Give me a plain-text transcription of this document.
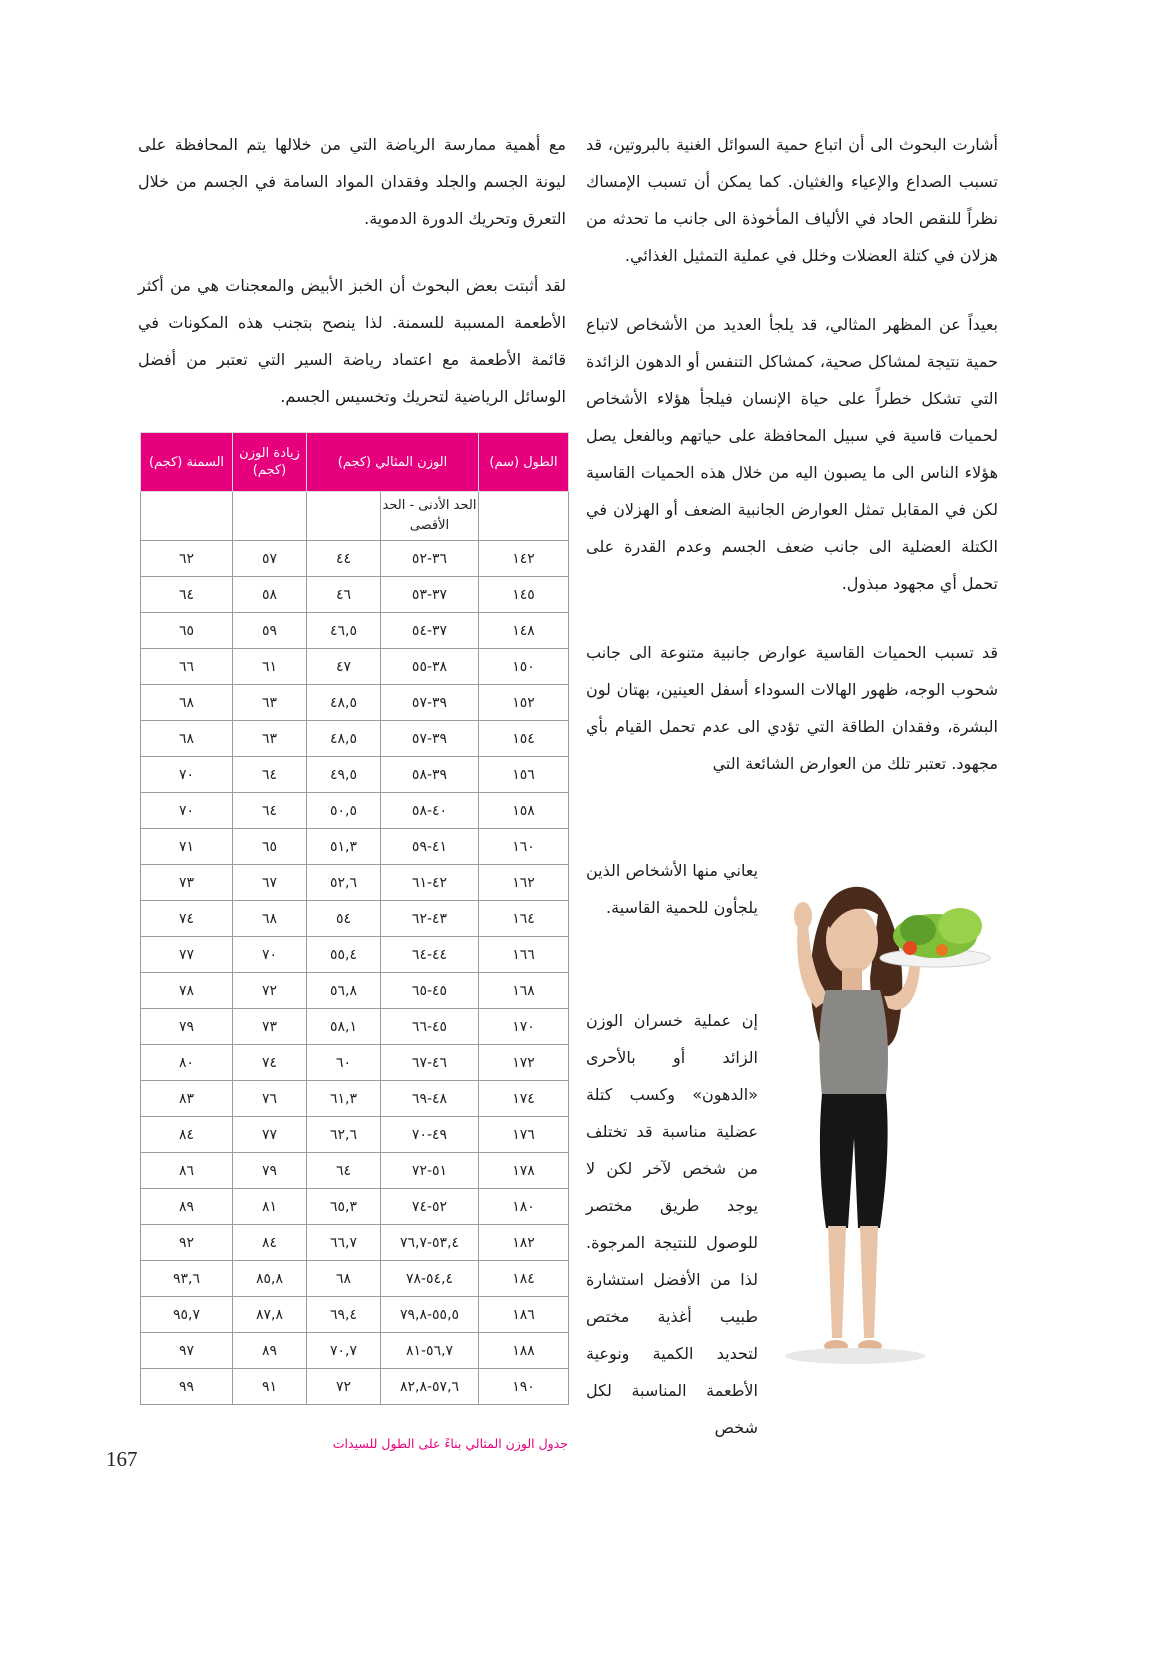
أشارت البحوث الى أن اتباع حمية السوائل الغنية بالبروتين، قد تسبب الصداع والإعياء والغثيان. كما يمكن أن تسبب الإمساك نظراً للنقص الحاد في الألياف المأخوذة الى جانب ما تحدثه من هزلان في كتلة العضلات وخلل في عملية التمثيل الغذائي.

بعيداً عن المظهر المثالي، قد يلجأ العديد من الأشخاص لاتباع حمية نتيجة لمشاكل صحية، كمشاكل التنفس أو الدهون الزائدة التي تشكل خطراً على حياة الإنسان فيلجأ هؤلاء الأشخاص لحميات قاسية في سبيل المحافظة على حياتهم وبالفعل يصل هؤلاء الناس الى ما يصبون اليه من خلال هذه الحميات القاسية لكن في المقابل تمثل العوارض الجانبية الضعف أو الهزلان في الكتلة العضلية الى جانب ضعف الجسم وعدم القدرة على تحمل أي مجهود مبذول.

قد تسبب الحميات القاسية عوارض جانبية متنوعة الى جانب شحوب الوجه، ظهور الهالات السوداء أسفل العينين، بهتان لون البشرة، وفقدان الطاقة التي تؤدي الى عدم تحمل القيام بأي مجهود. تعتبر تلك من العوارض الشائعة التي

يعاني منها الأشخاص الذين يلجأون للحمية القاسية.
إن عملية خسران الوزن الزائد أو بالأحرى «الدهون» وكسب كتلة عضلية مناسبة قد تختلف من شخص لآخر لكن لا يوجد طريق مختصر للوصول للنتيجة المرجوة. لذا من الأفضل استشارة طبيب أغذية مختص لتحديد الكمية ونوعية الأطعمة المناسبة لكل شخص

مع أهمية ممارسة الرياضة التي من خلالها يتم المحافظة على ليونة الجسم والجلد وفقدان المواد السامة في الجسم من خلال التعرق وتحريك الدورة الدموية.

لقد أثبتت بعض البحوث أن الخبز الأبيض والمعجنات هي من أكثر الأطعمة المسببة للسمنة. لذا ينصح بتجنب هذه المكونات في قائمة الأطعمة مع اعتماد رياضة السير التي تعتبر من أفضل الوسائل الرياضية لتحريك وتخسيس الجسم.

الطول (سم)	الوزن المثالي (كجم)		زيادة الوزن (كجم)	السمنة (كجم)
	الحد الأدنى - الحد الأقصى			
١٤٢	٣٦-٥٢	٤٤	٥٧	٦٢
١٤٥	٣٧-٥٣	٤٦	٥٨	٦٤
١٤٨	٣٧-٥٤	٤٦,٥	٥٩	٦٥
١٥٠	٣٨-٥٥	٤٧	٦١	٦٦
١٥٢	٣٩-٥٧	٤٨,٥	٦٣	٦٨
١٥٤	٣٩-٥٧	٤٨,٥	٦٣	٦٨
١٥٦	٣٩-٥٨	٤٩,٥	٦٤	٧٠
١٥٨	٤٠-٥٨	٥٠,٥	٦٤	٧٠
١٦٠	٤١-٥٩	٥١,٣	٦٥	٧١
١٦٢	٤٢-٦١	٥٢,٦	٦٧	٧٣
١٦٤	٤٣-٦٢	٥٤	٦٨	٧٤
١٦٦	٤٤-٦٤	٥٥,٤	٧٠	٧٧
١٦٨	٤٥-٦٥	٥٦,٨	٧٢	٧٨
١٧٠	٤٥-٦٦	٥٨,١	٧٣	٧٩
١٧٢	٤٦-٦٧	٦٠	٧٤	٨٠
١٧٤	٤٨-٦٩	٦١,٣	٧٦	٨٣
١٧٦	٤٩-٧٠	٦٢,٦	٧٧	٨٤
١٧٨	٥١-٧٢	٦٤	٧٩	٨٦
١٨٠	٥٢-٧٤	٦٥,٣	٨١	٨٩
١٨٢	٥٣,٤-٧٦,٧	٦٦,٧	٨٤	٩٢
١٨٤	٥٤,٤-٧٨	٦٨	٨٥,٨	٩٣,٦
١٨٦	٥٥,٥-٧٩,٨	٦٩,٤	٨٧,٨	٩٥,٧
١٨٨	٥٦,٧-٨١	٧٠,٧	٨٩	٩٧
١٩٠	٥٧,٦-٨٢,٨	٧٢	٩١	٩٩
جدول الوزن المثالي بناءً على الطول للسيدات
167
